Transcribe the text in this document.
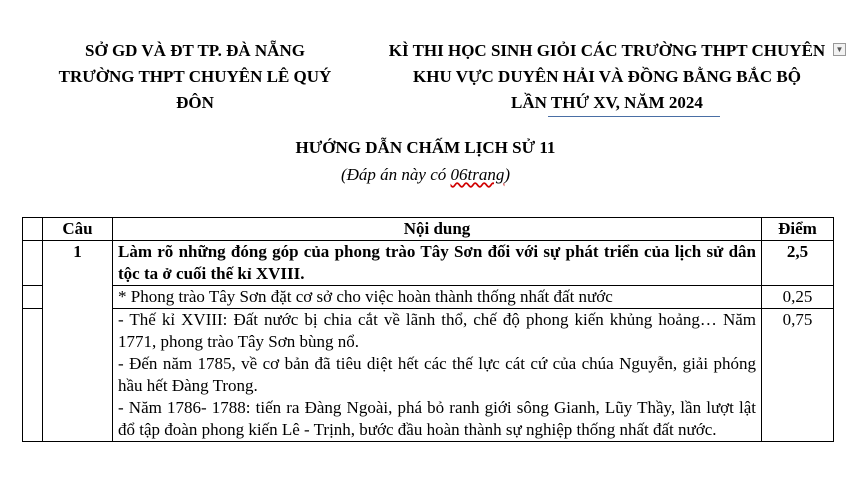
SỞ GD VÀ ĐT TP. ĐÀ NẴNG
TRƯỜNG THPT CHUYÊN LÊ QUÝ
ĐÔN
KÌ THI HỌC SINH GIỎI CÁC TRƯỜNG THPT CHUYÊN
KHU VỰC DUYÊN HẢI VÀ ĐỒNG BẰNG BẮC BỘ
LẦN THỨ XV, NĂM 2024
▼
HƯỚNG DẪN CHẤM LỊCH SỬ 11
(Đáp án này có 06trang)
	Câu	Nội dung	Điểm
	1	Làm rõ những đóng góp của phong trào Tây Sơn đối với sự phát triển của lịch sử dân tộc ta ở cuối thế kỉ XVIII.	2,5
		* Phong trào Tây Sơn đặt cơ sở cho việc hoàn thành thống nhất đất nước	0,25

		- Thế kỉ XVIII: Đất nước bị chia cắt về lãnh thổ, chế độ phong kiến khủng hoảng… Năm 1771, phong trào Tây Sơn bùng nổ.
- Đến năm 1785, về cơ bản đã tiêu diệt hết các thế lực cát cứ của chúa Nguyễn, giải phóng hầu hết Đàng Trong.
- Năm 1786- 1788: tiến ra Đàng Ngoài, phá bỏ ranh giới sông Gianh, Lũy Thầy, lần lượt lật đổ tập đoàn phong kiến Lê - Trịnh, bước đầu hoàn thành sự nghiệp thống nhất đất nước.	0,75
